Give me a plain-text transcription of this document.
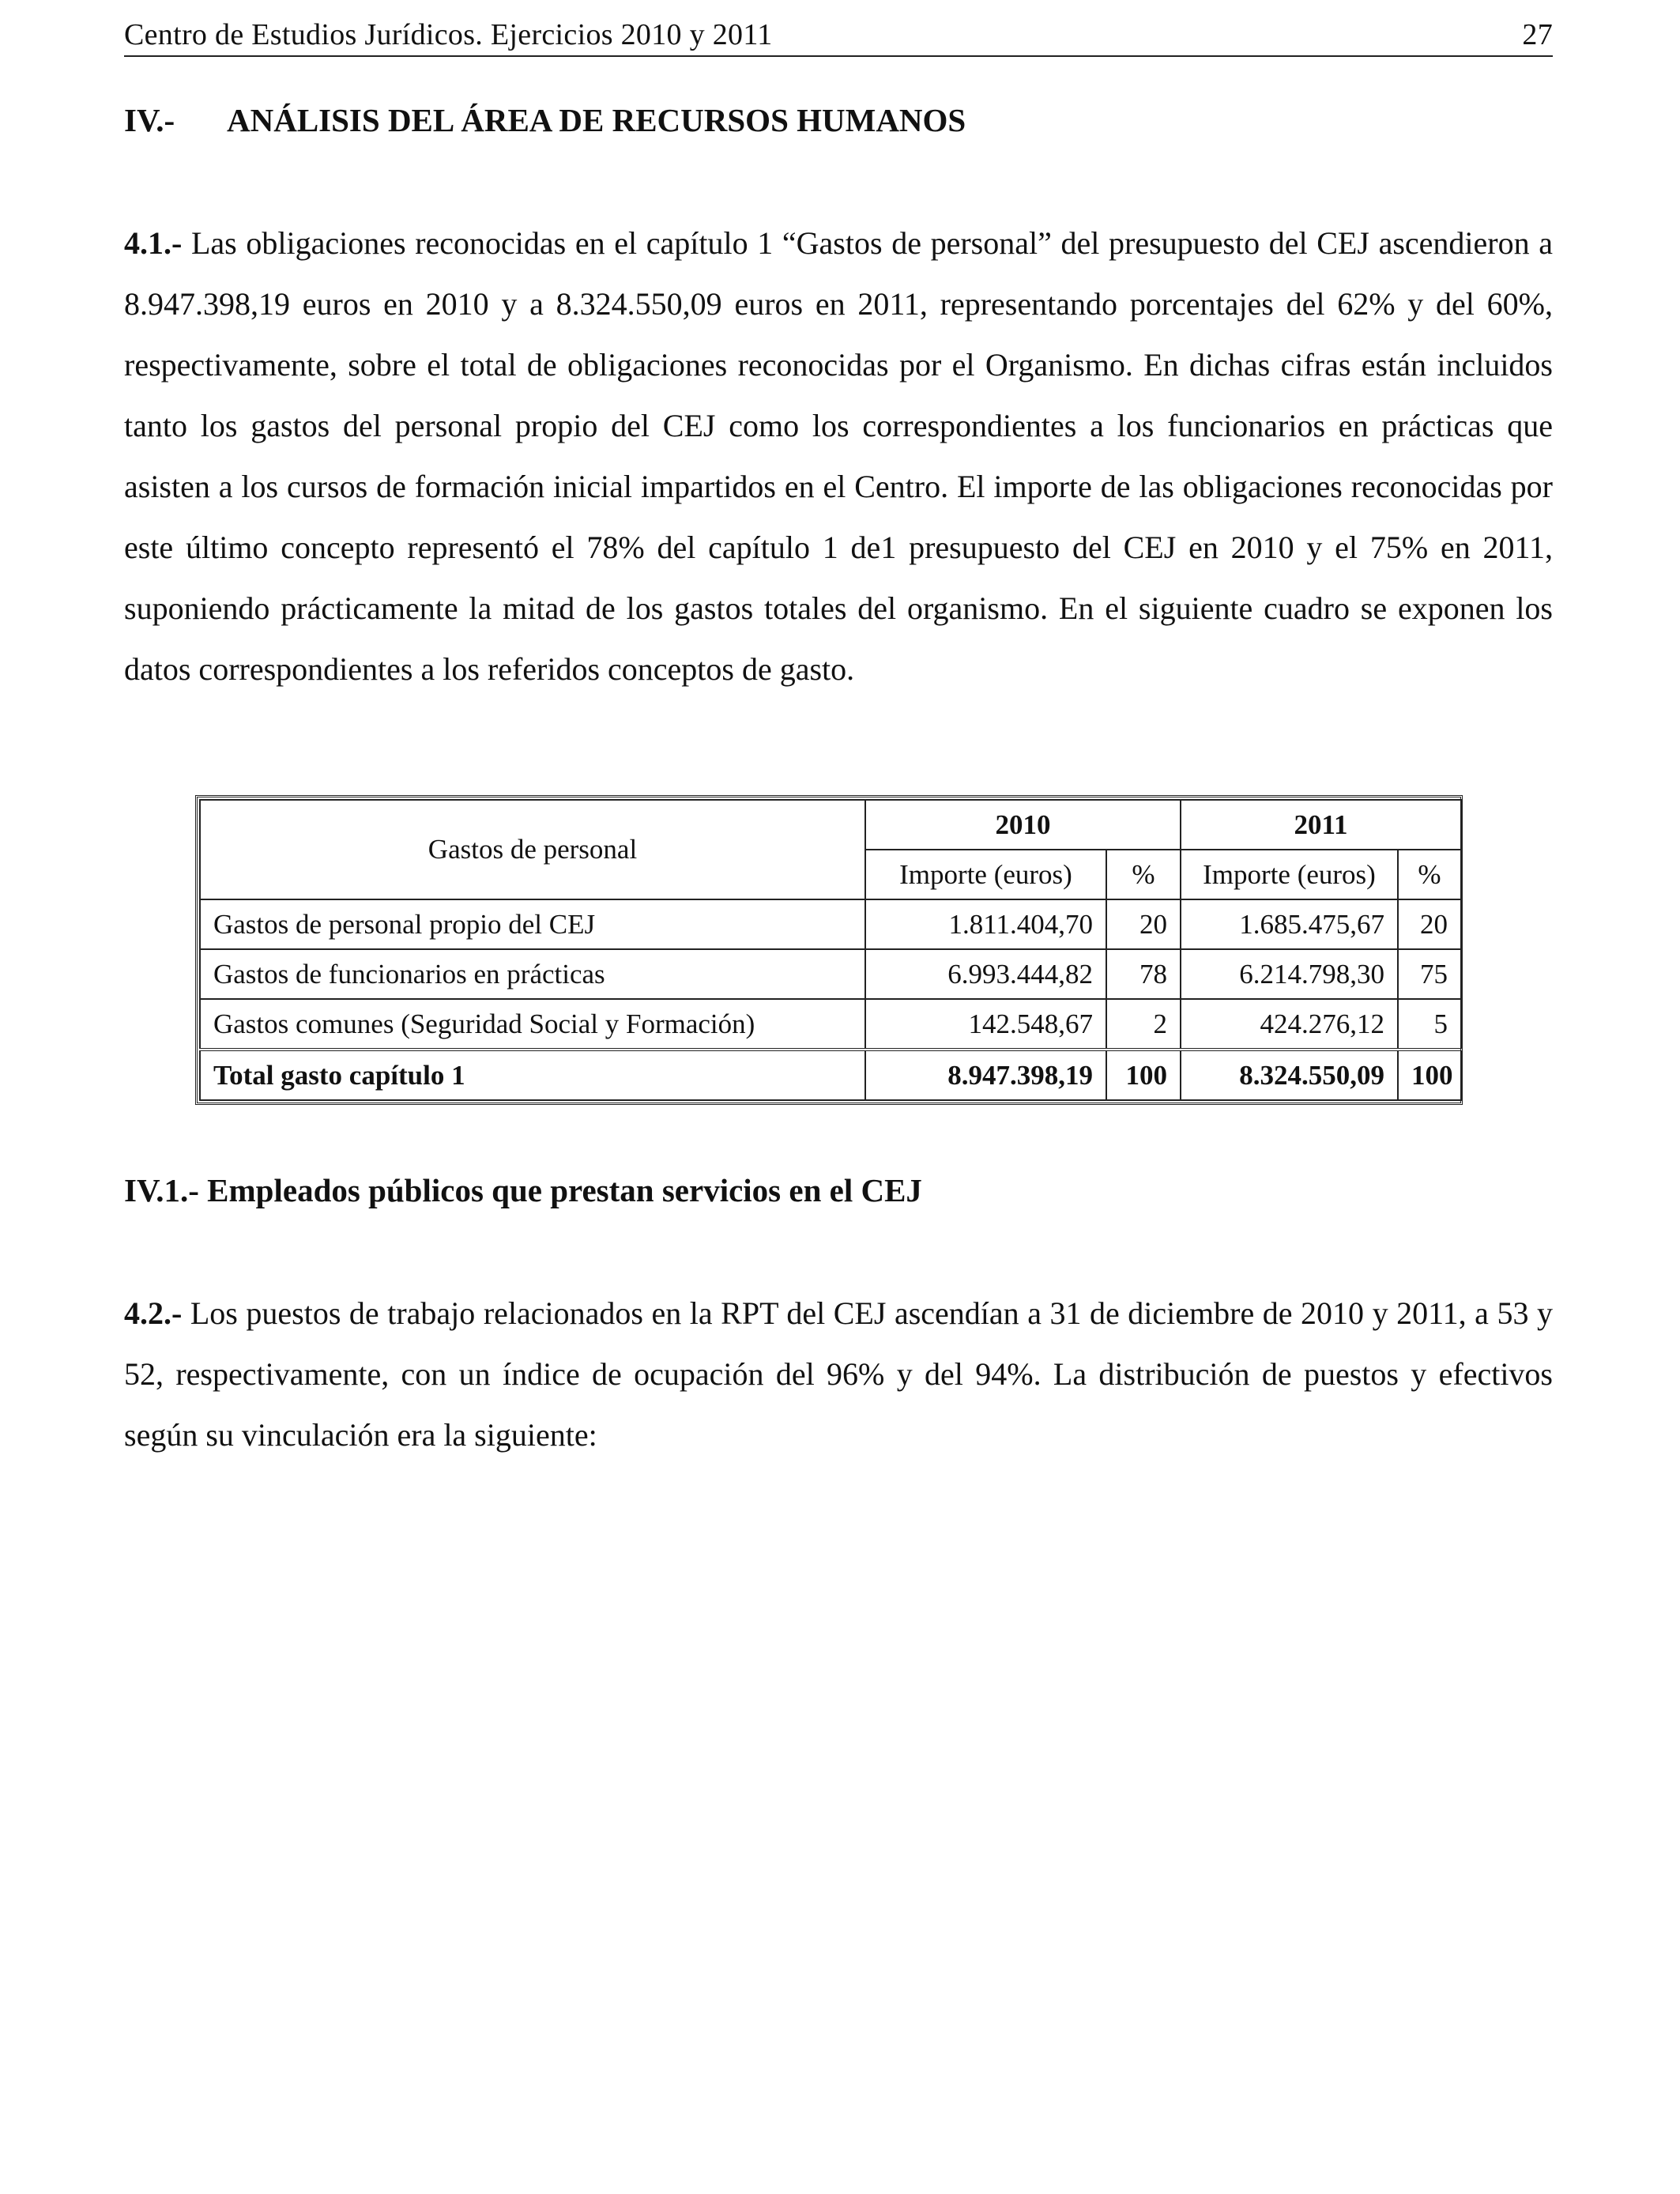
Centro de Estudios Jurídicos. Ejercicios 2010 y 2011	27
IV.- ANÁLISIS DEL ÁREA DE RECURSOS HUMANOS

4.1.- Las obligaciones reconocidas en el capítulo 1 “Gastos de personal” del presupuesto del CEJ ascendieron a 8.947.398,19 euros en 2010 y a 8.324.550,09 euros en 2011, representando porcentajes del 62% y del 60%, respectivamente, sobre el total de obligaciones reconocidas por el Organismo. En dichas cifras están incluidos tanto los gastos del personal propio del CEJ como los correspondientes a los funcionarios en prácticas que asisten a los cursos de formación inicial impartidos en el Centro. El importe de las obligaciones reconocidas por este último concepto representó el 78% del capítulo 1 de1 presupuesto del CEJ en 2010 y el 75% en 2011, suponiendo prácticamente la mitad de los gastos totales del organismo. En el siguiente cuadro se exponen los datos correspondientes a los referidos conceptos de gasto.

Gastos de personal	2010		2011	
	Importe (euros)	%	Importe (euros)	%
Gastos de personal propio del CEJ	1.811.404,70	20	1.685.475,67	20
Gastos de funcionarios en prácticas	6.993.444,82	78	6.214.798,30	75
Gastos comunes (Seguridad Social y Formación)	142.548,67	2	424.276,12	5
Total gasto capítulo 1	8.947.398,19	100	8.324.550,09	100
IV.1.- Empleados públicos que prestan servicios en el CEJ

4.2.- Los puestos de trabajo relacionados en la RPT del CEJ ascendían a 31 de diciembre de 2010 y 2011, a 53 y 52, respectivamente, con un índice de ocupación del 96% y del 94%. La distribución de puestos y efectivos según su vinculación era la siguiente:
